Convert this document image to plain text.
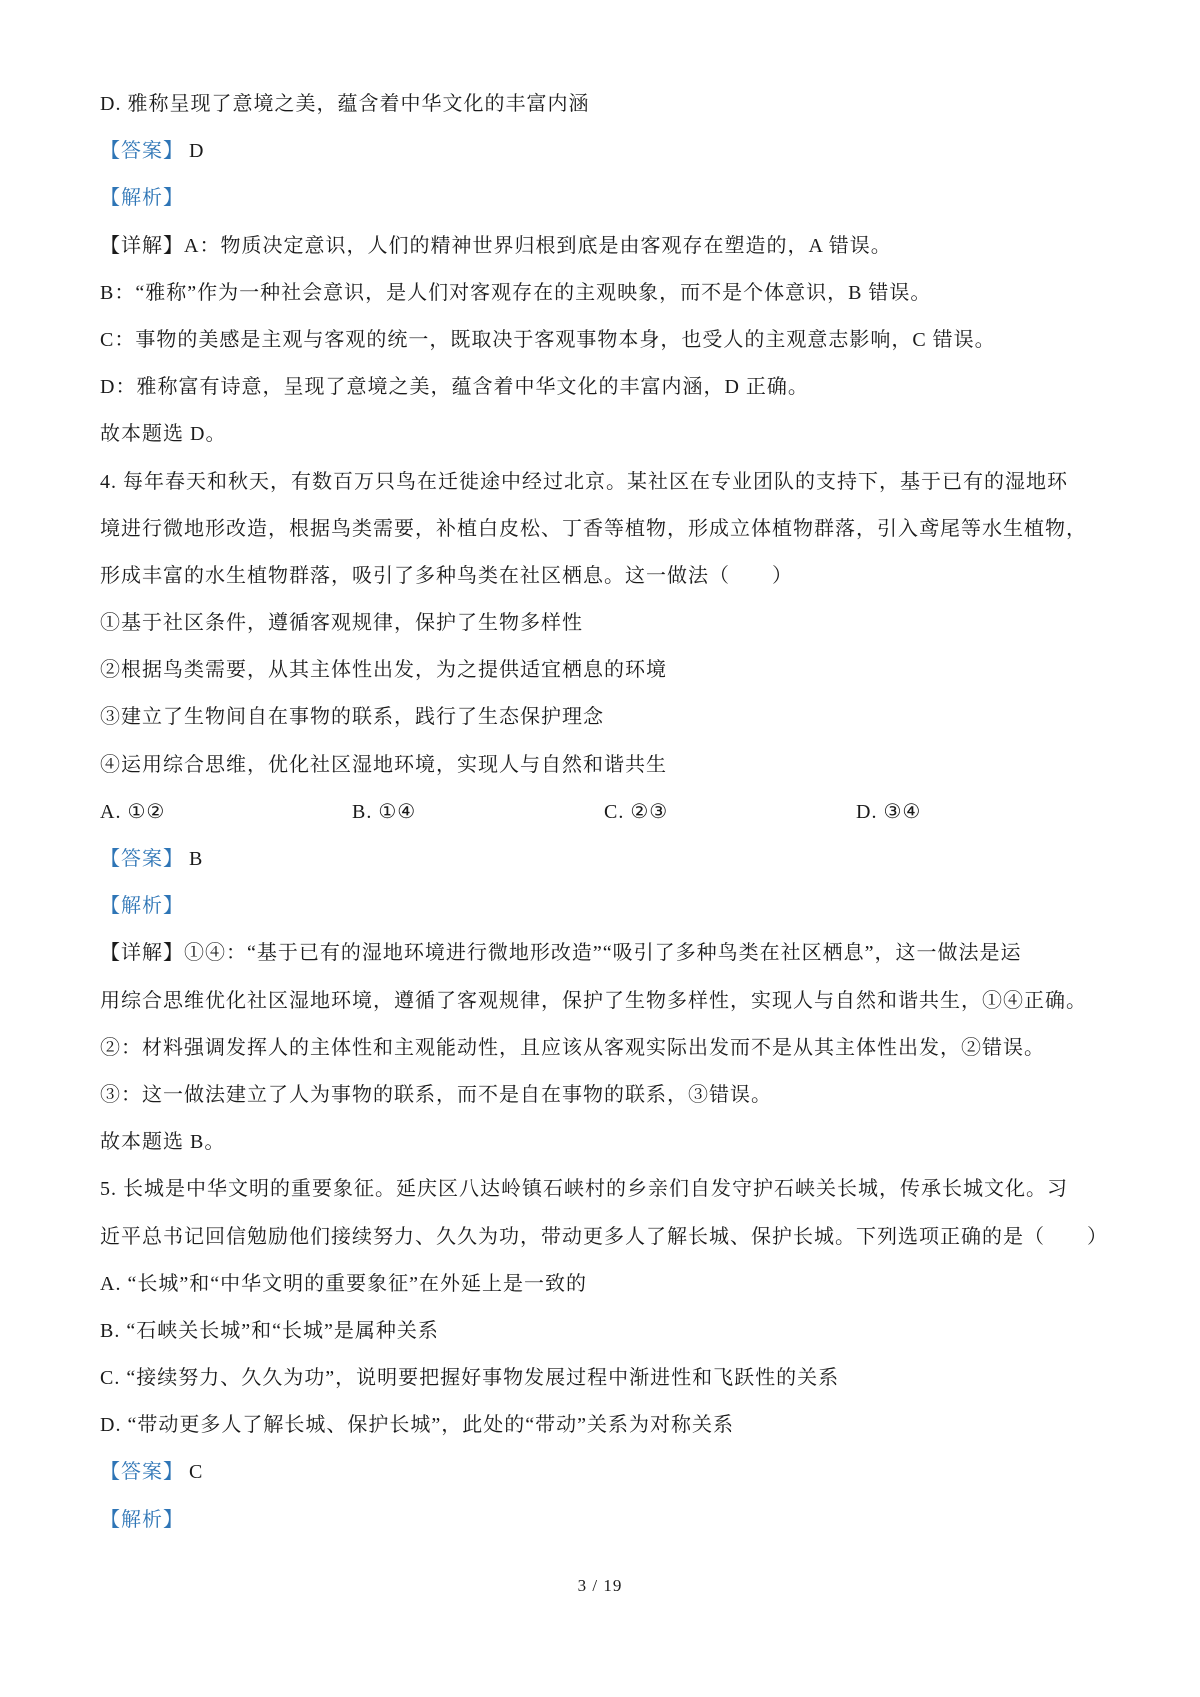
D. 雅称呈现了意境之美，蕴含着中华文化的丰富内涵
【答案】 D
【解析】
【详解】A：物质决定意识，人们的精神世界归根到底是由客观存在塑造的，A 错误。
B：“雅称”作为一种社会意识，是人们对客观存在的主观映象，而不是个体意识，B 错误。
C：事物的美感是主观与客观的统一，既取决于客观事物本身，也受人的主观意志影响，C 错误。
D：雅称富有诗意，呈现了意境之美，蕴含着中华文化的丰富内涵，D 正确。
故本题选 D。
4. 每年春天和秋天，有数百万只鸟在迁徙途中经过北京。某社区在专业团队的支持下，基于已有的湿地环
境进行微地形改造，根据鸟类需要，补植白皮松、丁香等植物，形成立体植物群落，引入鸢尾等水生植物，
形成丰富的水生植物群落，吸引了多种鸟类在社区栖息。这一做法（　　）
①基于社区条件，遵循客观规律，保护了生物多样性
②根据鸟类需要，从其主体性出发，为之提供适宜栖息的环境
③建立了生物间自在事物的联系，践行了生态保护理念
④运用综合思维，优化社区湿地环境，实现人与自然和谐共生
A. ①②	B. ①④	C. ②③	D. ③④
【答案】 B
【解析】
【详解】①④：“基于已有的湿地环境进行微地形改造”“吸引了多种鸟类在社区栖息”，这一做法是运
用综合思维优化社区湿地环境，遵循了客观规律，保护了生物多样性，实现人与自然和谐共生，①④正确。
②：材料强调发挥人的主体性和主观能动性，且应该从客观实际出发而不是从其主体性出发，②错误。
③：这一做法建立了人为事物的联系，而不是自在事物的联系，③错误。
故本题选 B。
5. 长城是中华文明的重要象征。延庆区八达岭镇石峡村的乡亲们自发守护石峡关长城，传承长城文化。习
近平总书记回信勉励他们接续努力、久久为功，带动更多人了解长城、保护长城。下列选项正确的是（　　）
A. “长城”和“中华文明的重要象征”在外延上是一致的
B. “石峡关长城”和“长城”是属种关系
C. “接续努力、久久为功”，说明要把握好事物发展过程中渐进性和飞跃性的关系
D. “带动更多人了解长城、保护长城”，此处的“带动”关系为对称关系
【答案】 C
【解析】
3 / 19
